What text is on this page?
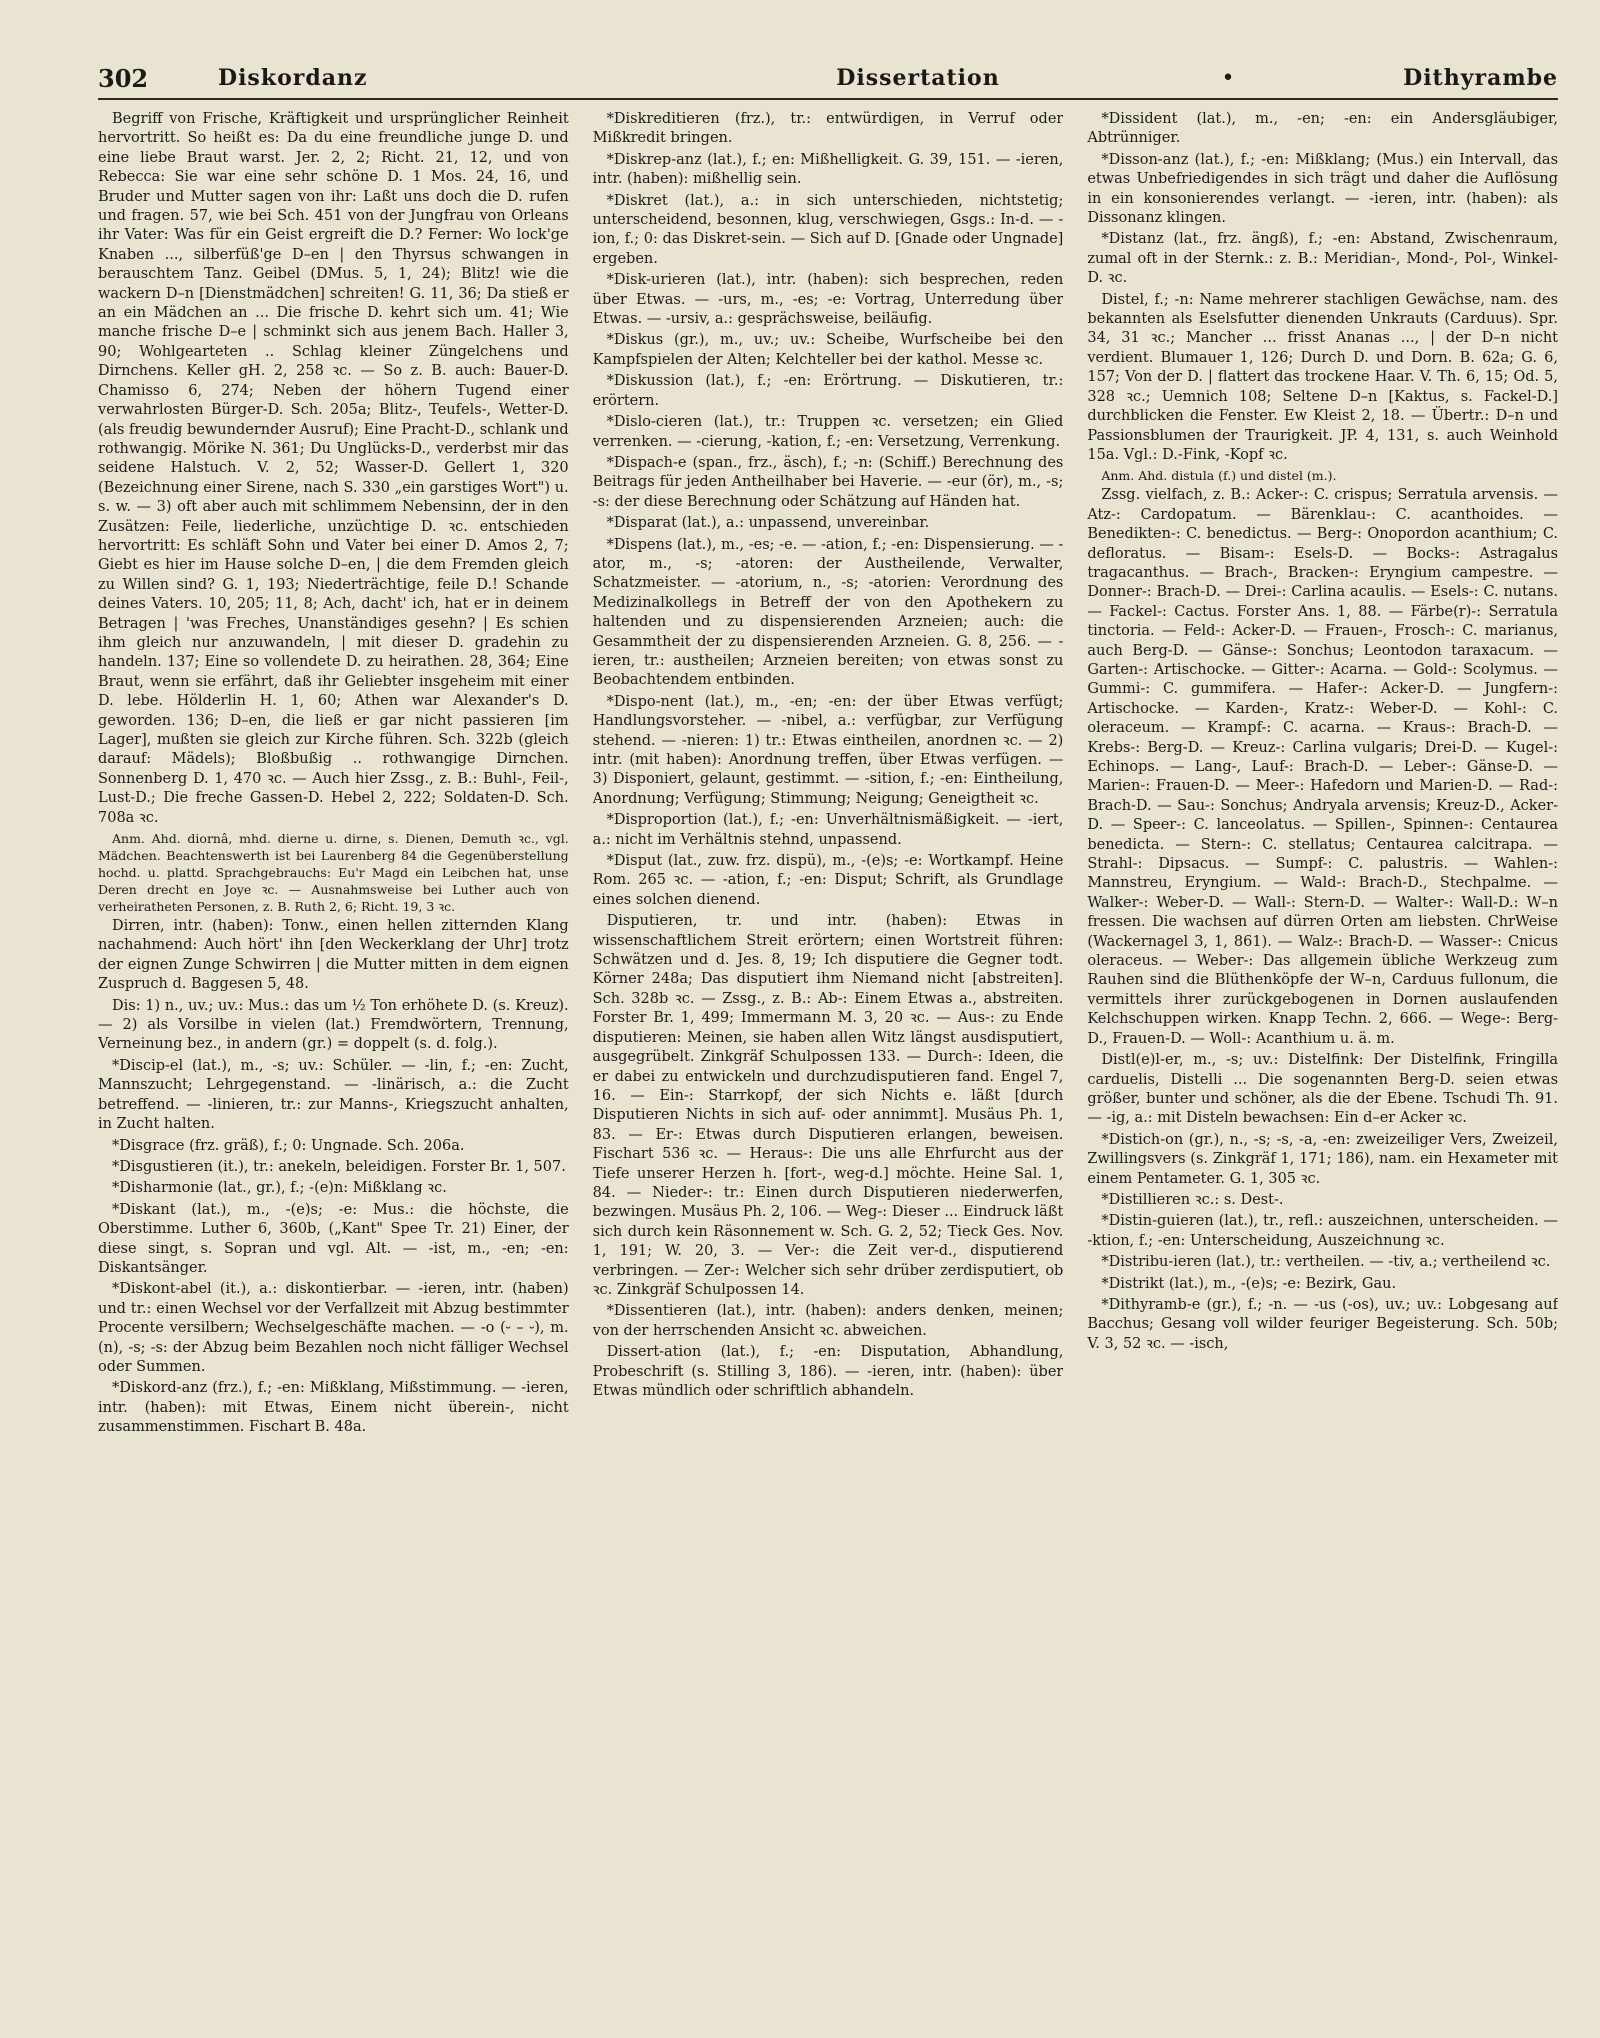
302	Diskordanz	Dissertation	•	Dithyrambe

Begriff von Frische, Kräftigkeit und ursprünglicher Reinheit hervortritt. So heißt es: Da du eine freundliche junge D. und eine liebe Braut warst. Jer. 2, 2; Richt. 21, 12, und von Rebecca: Sie war eine sehr schöne D. 1 Mos. 24, 16, und Bruder und Mutter sagen von ihr: Laßt uns doch die D. rufen und fragen. 57, wie bei Sch. 451 von der Jungfrau von Orleans ihr Vater: Was für ein Geist ergreift die D.? Ferner: Wo lock'ge Knaben ..., silberfüß'ge D–en | den Thyrsus schwangen in berauschtem Tanz. Geibel (DMus. 5, 1, 24); Blitz! wie die wackern D–n [Dienstmädchen] schreiten! G. 11, 36; Da stieß er an ein Mädchen an ... Die frische D. kehrt sich um. 41; Wie manche frische D–e | schminkt sich aus jenem Bach. Haller 3, 90; Wohlgearteten .. Schlag kleiner Züngelchens und Dirnchens. Keller gH. 2, 258 ꝛc. — So z. B. auch: Bauer-D. Chamisso 6, 274; Neben der höhern Tugend einer verwahrlosten Bürger-D. Sch. 205a; Blitz-, Teufels-, Wetter-D. (als freudig bewundernder Ausruf); Eine Pracht-D., schlank und rothwangig. Mörike N. 361; Du Unglücks-D., verderbst mir das seidene Halstuch. V. 2, 52; Wasser-D. Gellert 1, 320 (Bezeichnung einer Sirene, nach S. 330 „ein garstiges Wort") u. s. w. — 3) oft aber auch mit schlimmem Nebensinn, der in den Zusätzen: Feile, liederliche, unzüchtige D. ꝛc. entschieden hervortritt: Es schläft Sohn und Vater bei einer D. Amos 2, 7; Giebt es hier im Hause solche D–en, | die dem Fremden gleich zu Willen sind? G. 1, 193; Niederträchtige, feile D.! Schande deines Vaters. 10, 205; 11, 8; Ach, dacht' ich, hat er in deinem Betragen | 'was Freches, Unanständiges gesehn? | Es schien ihm gleich nur anzuwandeln, | mit dieser D. gradehin zu handeln. 137; Eine so vollendete D. zu heirathen. 28, 364; Eine Braut, wenn sie erfährt, daß ihr Geliebter insgeheim mit einer D. lebe. Hölderlin H. 1, 60; Athen war Alexander's D. geworden. 136; D–en, die ließ er gar nicht passieren [im Lager], mußten sie gleich zur Kirche führen. Sch. 322b (gleich darauf: Mädels); Bloßbußig .. rothwangige Dirnchen. Sonnenberg D. 1, 470 ꝛc. — Auch hier Zssg., z. B.: Buhl-, Feil-, Lust-D.; Die freche Gassen-D. Hebel 2, 222; Soldaten-D. Sch. 708a ꝛc.

Anm. Ahd. diornâ, mhd. dierne u. dirne, s. Dienen, Demuth ꝛc., vgl. Mädchen. Beachtenswerth ist bei Laurenberg 84 die Gegenüberstellung hochd. u. plattd. Sprachgebrauchs: Eu'r Magd ein Leibchen hat, unse Deren drecht en Joye ꝛc. — Ausnahmsweise bei Luther auch von verheiratheten Personen, z. B. Ruth 2, 6; Richt. 19, 3 ꝛc.

Dirren, intr. (haben): Tonw., einen hellen zitternden Klang nachahmend: Auch hört' ihn [den Weckerklang der Uhr] trotz der eignen Zunge Schwirren | die Mutter mitten in dem eignen Zuspruch d. Baggesen 5, 48.

Dis: 1) n., uv.; uv.: Mus.: das um ½ Ton erhöhete D. (s. Kreuz). — 2) als Vorsilbe in vielen (lat.) Fremdwörtern, Trennung, Verneinung bez., in andern (gr.) = doppelt (s. d. folg.).

*Discip-el (lat.), m., -s; uv.: Schüler. — -lin, f.; -en: Zucht, Mannszucht; Lehrgegenstand. — -linärisch, a.: die Zucht betreffend. — -linieren, tr.: zur Manns-, Kriegszucht anhalten, in Zucht halten.

*Disgrace (frz. gräß), f.; 0: Ungnade. Sch. 206a.

*Disgustieren (it.), tr.: anekeln, beleidigen. Forster Br. 1, 507.

*Disharmonie (lat., gr.), f.; -(e)n: Mißklang ꝛc.

*Diskant (lat.), m., -(e)s; -e: Mus.: die höchste, die Oberstimme. Luther 6, 360b, („Kant" Spee Tr. 21) Einer, der diese singt, s. Sopran und vgl. Alt. — -ist, m., -en; -en: Diskantsänger.

*Diskont-abel (it.), a.: diskontierbar. — -ieren, intr. (haben) und tr.: einen Wechsel vor der Verfallzeit mit Abzug bestimmter Procente versilbern; Wechselgeschäfte machen. — -o (⏑ – ⏑), m. (n), -s; -s: der Abzug beim Bezahlen noch nicht fälliger Wechsel oder Summen.

*Diskord-anz (frz.), f.; -en: Mißklang, Mißstimmung. — -ieren, intr. (haben): mit Etwas, Einem nicht überein-, nicht zusammenstimmen. Fischart B. 48a.

*Diskreditieren (frz.), tr.: entwürdigen, in Verruf oder Mißkredit bringen.

*Diskrep-anz (lat.), f.; en: Mißhelligkeit. G. 39, 151. — -ieren, intr. (haben): mißhellig sein.

*Diskret (lat.), a.: in sich unterschieden, nichtstetig; unterscheidend, besonnen, klug, verschwiegen, Gsgs.: In-d. — -ion, f.; 0: das Diskret-sein. — Sich auf D. [Gnade oder Ungnade] ergeben.

*Disk-urieren (lat.), intr. (haben): sich besprechen, reden über Etwas. — -urs, m., -es; -e: Vortrag, Unterredung über Etwas. — -ursiv, a.: gesprächsweise, beiläufig.

*Diskus (gr.), m., uv.; uv.: Scheibe, Wurfscheibe bei den Kampfspielen der Alten; Kelchteller bei der kathol. Messe ꝛc.

*Diskussion (lat.), f.; -en: Erörtrung. — Diskutieren, tr.: erörtern.

*Dislo-cieren (lat.), tr.: Truppen ꝛc. versetzen; ein Glied verrenken. — -cierung, -kation, f.; -en: Versetzung, Verrenkung.

*Dispach-e (span., frz., äsch), f.; -n: (Schiff.) Berechnung des Beitrags für jeden Antheilhaber bei Haverie. — -eur (ör), m., -s; -s: der diese Berechnung oder Schätzung auf Händen hat.

*Disparat (lat.), a.: unpassend, unvereinbar.

*Dispens (lat.), m., -es; -e. — -ation, f.; -en: Dispensierung. — -ator, m., -s; -atoren: der Austheilende, Verwalter, Schatzmeister. — -atorium, n., -s; -atorien: Verordnung des Medizinalkollegs in Betreff der von den Apothekern zu haltenden und zu dispensierenden Arzneien; auch: die Gesammtheit der zu dispensierenden Arzneien. G. 8, 256. — -ieren, tr.: austheilen; Arzneien bereiten; von etwas sonst zu Beobachtendem entbinden.

*Dispo-nent (lat.), m., -en; -en: der über Etwas verfügt; Handlungsvorsteher. — -nibel, a.: verfügbar, zur Verfügung stehend. — -nieren: 1) tr.: Etwas eintheilen, anordnen ꝛc. — 2) intr. (mit haben): Anordnung treffen, über Etwas verfügen. — 3) Disponiert, gelaunt, gestimmt. — -sition, f.; -en: Eintheilung, Anordnung; Verfügung; Stimmung; Neigung; Geneigtheit ꝛc.

*Disproportion (lat.), f.; -en: Unverhältnismäßigkeit. — -iert, a.: nicht im Verhältnis stehnd, unpassend.

*Disput (lat., zuw. frz. dispü), m., -(e)s; -e: Wortkampf. Heine Rom. 265 ꝛc. — -ation, f.; -en: Disput; Schrift, als Grundlage eines solchen dienend.

Disputieren, tr. und intr. (haben): Etwas in wissenschaftlichem Streit erörtern; einen Wortstreit führen: Schwätzen und d. Jes. 8, 19; Ich disputiere die Gegner todt. Körner 248a; Das disputiert ihm Niemand nicht [abstreiten]. Sch. 328b ꝛc. — Zssg., z. B.: Ab-: Einem Etwas a., abstreiten. Forster Br. 1, 499; Immermann M. 3, 20 ꝛc. — Aus-: zu Ende disputieren: Meinen, sie haben allen Witz längst ausdisputiert, ausgegrübelt. Zinkgräf Schulpossen 133. — Durch-: Ideen, die er dabei zu entwickeln und durchzudisputieren fand. Engel 7, 16. — Ein-: Starrkopf, der sich Nichts e. läßt [durch Disputieren Nichts in sich auf- oder annimmt]. Musäus Ph. 1, 83. — Er-: Etwas durch Disputieren erlangen, beweisen. Fischart 536 ꝛc. — Heraus-: Die uns alle Ehrfurcht aus der Tiefe unserer Herzen h. [fort-, weg-d.] möchte. Heine Sal. 1, 84. — Nieder-: tr.: Einen durch Disputieren niederwerfen, bezwingen. Musäus Ph. 2, 106. — Weg-: Dieser ... Eindruck läßt sich durch kein Räsonnement w. Sch. G. 2, 52; Tieck Ges. Nov. 1, 191; W. 20, 3. — Ver-: die Zeit ver-d., disputierend verbringen. — Zer-: Welcher sich sehr drüber zerdisputiert, ob ꝛc. Zinkgräf Schulpossen 14.

*Dissentieren (lat.), intr. (haben): anders denken, meinen; von der herrschenden Ansicht ꝛc. abweichen.

Dissert-ation (lat.), f.; -en: Disputation, Abhandlung, Probeschrift (s. Stilling 3, 186). — -ieren, intr. (haben): über Etwas mündlich oder schriftlich abhandeln.

*Dissident (lat.), m., -en; -en: ein Andersgläubiger, Abtrünniger.

*Disson-anz (lat.), f.; -en: Mißklang; (Mus.) ein Intervall, das etwas Unbefriedigendes in sich trägt und daher die Auflösung in ein konsonierendes verlangt. — -ieren, intr. (haben): als Dissonanz klingen.

*Distanz (lat., frz. ängß), f.; -en: Abstand, Zwischenraum, zumal oft in der Sternk.: z. B.: Meridian-, Mond-, Pol-, Winkel-D. ꝛc.

Distel, f.; -n: Name mehrerer stachligen Gewächse, nam. des bekannten als Eselsfutter dienenden Unkrauts (Carduus). Spr. 34, 31 ꝛc.; Mancher ... frisst Ananas ..., | der D–n nicht verdient. Blumauer 1, 126; Durch D. und Dorn. B. 62a; G. 6, 157; Von der D. | flattert das trockene Haar. V. Th. 6, 15; Od. 5, 328 ꝛc.; Uemnich 108; Seltene D–n [Kaktus, s. Fackel-D.] durchblicken die Fenster. Ew Kleist 2, 18. — Übertr.: D–n und Passionsblumen der Traurigkeit. JP. 4, 131, s. auch Weinhold 15a. Vgl.: D.-Fink, -Kopf ꝛc.

Anm. Ahd. distula (f.) und distel (m.).

Zssg. vielfach, z. B.: Acker-: C. crispus; Serratula arvensis. — Atz-: Cardopatum. — Bärenklau-: C. acanthoides. — Benedikten-: C. benedictus. — Berg-: Onopordon acanthium; C. defloratus. — Bisam-: Esels-D. — Bocks-: Astragalus tragacanthus. — Brach-, Bracken-: Eryngium campestre. — Donner-: Brach-D. — Drei-: Carlina acaulis. — Esels-: C. nutans. — Fackel-: Cactus. Forster Ans. 1, 88. — Färbe(r)-: Serratula tinctoria. — Feld-: Acker-D. — Frauen-, Frosch-: C. marianus, auch Berg-D. — Gänse-: Sonchus; Leontodon taraxacum. — Garten-: Artischocke. — Gitter-: Acarna. — Gold-: Scolymus. — Gummi-: C. gummifera. — Hafer-: Acker-D. — Jungfern-: Artischocke. — Karden-, Kratz-: Weber-D. — Kohl-: C. oleraceum. — Krampf-: C. acarna. — Kraus-: Brach-D. — Krebs-: Berg-D. — Kreuz-: Carlina vulgaris; Drei-D. — Kugel-: Echinops. — Lang-, Lauf-: Brach-D. — Leber-: Gänse-D. — Marien-: Frauen-D. — Meer-: Hafedorn und Marien-D. — Rad-: Brach-D. — Sau-: Sonchus; Andryala arvensis; Kreuz-D., Acker-D. — Speer-: C. lanceolatus. — Spillen-, Spinnen-: Centaurea benedicta. — Stern-: C. stellatus; Centaurea calcitrapa. — Strahl-: Dipsacus. — Sumpf-: C. palustris. — Wahlen-: Mannstreu, Eryngium. — Wald-: Brach-D., Stechpalme. — Walker-: Weber-D. — Wall-: Stern-D. — Walter-: Wall-D.: W–n fressen. Die wachsen auf dürren Orten am liebsten. ChrWeise (Wackernagel 3, 1, 861). — Walz-: Brach-D. — Wasser-: Cnicus oleraceus. — Weber-: Das allgemein übliche Werkzeug zum Rauhen sind die Blüthenköpfe der W–n, Carduus fullonum, die vermittels ihrer zurückgebogenen in Dornen auslaufenden Kelchschuppen wirken. Knapp Techn. 2, 666. — Wege-: Berg-D., Frauen-D. — Woll-: Acanthium u. ä. m.

Distl(e)l-er, m., -s; uv.: Distelfink: Der Distelfink, Fringilla carduelis, Distelli ... Die sogenannten Berg-D. seien etwas größer, bunter und schöner, als die der Ebene. Tschudi Th. 91. — -ig, a.: mit Disteln bewachsen: Ein d–er Acker ꝛc.

*Distich-on (gr.), n., -s; -s, -a, -en: zweizeiliger Vers, Zweizeil, Zwillingsvers (s. Zinkgräf 1, 171; 186), nam. ein Hexameter mit einem Pentameter. G. 1, 305 ꝛc.

*Distillieren ꝛc.: s. Dest-.

*Distin-guieren (lat.), tr., refl.: auszeichnen, unterscheiden. — -ktion, f.; -en: Unterscheidung, Auszeichnung ꝛc.

*Distribu-ieren (lat.), tr.: vertheilen. — -tiv, a.; vertheilend ꝛc.

*Distrikt (lat.), m., -(e)s; -e: Bezirk, Gau.

*Dithyramb-e (gr.), f.; -n. — -us (-os), uv.; uv.: Lobgesang auf Bacchus; Gesang voll wilder feuriger Begeisterung. Sch. 50b; V. 3, 52 ꝛc. — -isch,
